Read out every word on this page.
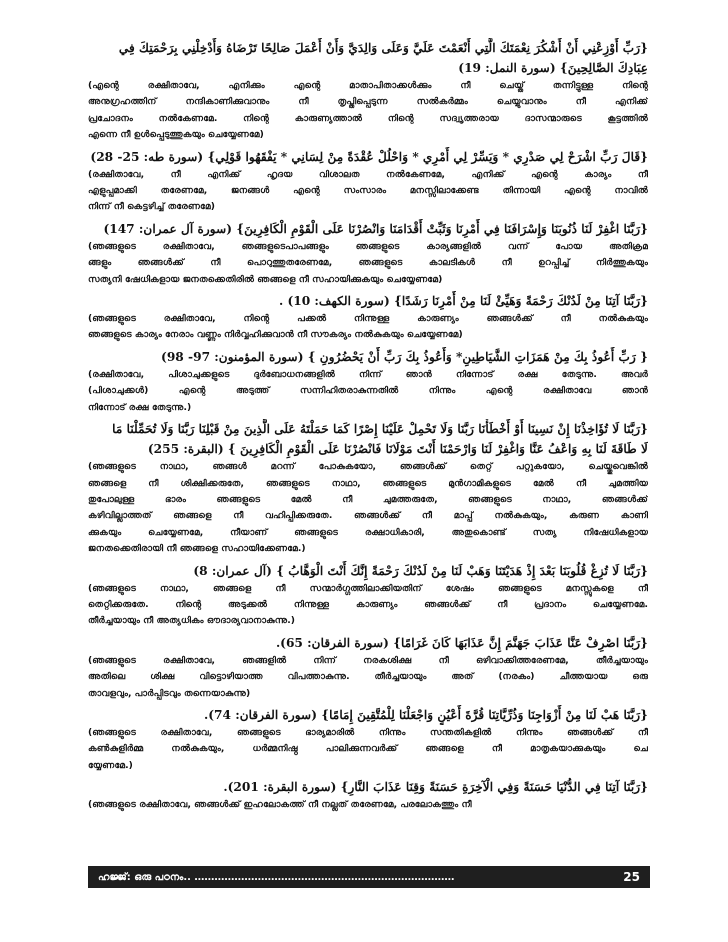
{رَبِّ أَوْزِعْنِي أَنْ أَشْكُرَ نِعْمَتَكَ الَّتِي أَنْعَمْتَ عَلَيَّ وَعَلَى وَالِدَيَّ وَأَنْ أَعْمَلَ صَالِحًا تَرْضَاهُ وَأَدْخِلْنِي بِرَحْمَتِكَ فِي
عِبَادِكَ الصَّالِحِينَ} (سورة النمل: 19)
(എന്റെ രക്ഷിതാവേ, എനിക്കും എന്റെ മാതാപിതാക്കൾക്കും നീ ചെയ്ത് തന്നിട്ടുള്ള നിന്റെ
അനുഗ്രഹത്തിന് നന്ദികാണിക്കുവാനും നീ തൃപ്തിപ്പെടുന്ന സൽകർമ്മം ചെയ്യുവാനും നീ എനിക്ക്
പ്രചോദനം നൽകേണമേ. നിന്റെ കാരുണ്യത്താൽ നിന്റെ സദ്വൃത്തരായ ദാസന്മാരുടെ കൂട്ടത്തിൽ
എന്നെ നീ ഉൾപ്പെടുത്തുകയും ചെയ്യേണമേ)
{قَالَ رَبِّ اشْرَحْ لِي صَدْرِي * وَيَسِّرْ لِي أَمْرِي * وَاحْلُلْ عُقْدَةً مِنْ لِسَانِي * يَفْقَهُوا قَوْلِي} (سورة طه: 25- 28)
(രക്ഷിതാവേ, നീ എനിക്ക് ഹൃദയ വിശാലത നൽകേണമേ, എനിക്ക് എന്റെ കാര്യം നീ
എളുപ്പമാക്കി തരേണമേ, ജനങ്ങൾ എന്റെ സംസാരം മനസ്സിലാക്കേണ്ട തിന്നായി എന്റെ നാവിൽ
നിന്ന് നീ കെട്ടഴിച്ച് തരേണമേ)
{رَبَّنَا اغْفِرْ لَنَا ذُنُوبَنَا وَإِسْرَافَنَا فِي أَمْرِنَا وَثَبِّتْ أَقْدَامَنَا وَانْصُرْنَا عَلَى الْقَوْمِ الْكَافِرِينَ} (سورة آل عمران: 147)
(ഞങ്ങളുടെ രക്ഷിതാവേ, ഞങ്ങളുടെപാപങ്ങളും ഞങ്ങളുടെ കാര്യങ്ങളിൽ വന്ന് പോയ അതിക്രമ
ങ്ങളും ഞങ്ങൾക്ക് നീ പൊറുത്തുതരേണമേ, ഞങ്ങളുടെ കാലടികൾ നീ ഉറപ്പിച്ച് നിർത്തുകയും
സത്യനി ഷേധികളായ ജനതക്കെതിരിൽ ഞങ്ങളെ നീ സഹായിക്കുകയും ചെയ്യേണമേ)
{رَبَّنَا آتِنَا مِنْ لَدُنْكَ رَحْمَةً وَهَيِّئْ لَنَا مِنْ أَمْرِنَا رَشَدًا} (سورة الكهف: 10) .
(ഞങ്ങളുടെ രക്ഷിതാവേ, നിന്റെ പക്കൽ നിന്നുള്ള കാരുണ്യം ഞങ്ങൾക്ക് നീ നൽകുകയും
ഞങ്ങളുടെ കാര്യം നേരാം വണ്ണം നിർവ്വഹിക്കുവാൻ നീ സൗകര്യം നൽകുകയും ചെയ്യേണമേ)
{ رَبِّ أَعُوذُ بِكَ مِنْ هَمَزَاتِ الشَّيَاطِينِ* وَأَعُوذُ بِكَ رَبِّ أَنْ يَحْضُرُونِ } (سورة المؤمنون: 97- 98)
(രക്ഷിതാവേ, പിശാചുക്കളുടെ ദുർബോധനങ്ങളിൽ നിന്ന് ഞാൻ നിന്നോട് രക്ഷ തേടുന്നു. അവർ
(പിശാചുക്കൾ) എന്റെ അടുത്ത് സന്നിഹിതരാകുന്നതിൽ നിന്നും എന്റെ രക്ഷിതാവേ ഞാൻ
നിന്നോട് രക്ഷ തേടുന്നു.)
{رَبَّنَا لَا تُؤَاخِذْنَا إِنْ نَسِينَا أَوْ أَخْطَأْنَا رَبَّنَا وَلَا تَحْمِلْ عَلَيْنَا إِصْرًا كَمَا حَمَلْتَهُ عَلَى الَّذِينَ مِنْ قَبْلِنَا رَبَّنَا وَلَا تُحَمِّلْنَا مَا
لَا طَاقَةَ لَنَا بِهِ وَاعْفُ عَنَّا وَاغْفِرْ لَنَا وَارْحَمْنَا أَنْتَ مَوْلَانَا فَانْصُرْنَا عَلَى الْقَوْمِ الْكَافِرِينَ } (البقرة: 255)
(ഞങ്ങളുടെ നാഥാ, ഞങ്ങൾ മറന്ന് പോകുകയോ, ഞങ്ങൾക്ക് തെറ്റ് പറ്റുകയോ, ചെയ്തുവെങ്കിൽ
ഞങ്ങളെ നീ ശിക്ഷിക്കരുതേ, ഞങ്ങളുടെ നാഥാ, ഞങ്ങളുടെ മുൻഗാമികളുടെ മേൽ നീ ചുമത്തിയ
തുപോലുള്ള ഭാരം ഞങ്ങളുടെ മേൽ നീ ചുമത്തരുതേ, ഞങ്ങളുടെ നാഥാ, ഞങ്ങൾക്ക്
കഴിവില്ലാത്തത് ഞങ്ങളെ നീ വഹിപ്പിക്കരുതേ. ഞങ്ങൾക്ക് നീ മാപ്പ് നൽകുകയും, കരുണ കാണി
ക്കുകയും ചെയ്യേണമേ, നീയാണ് ഞങ്ങളുടെ രക്ഷാധികാരി, അതുകൊണ്ട് സത്യ നിഷേധികളായ
ജനതക്കെതിരായി നീ ഞങ്ങളെ സഹായിക്കേണമേ.)
{رَبَّنَا لَا تُزِغْ قُلُوبَنَا بَعْدَ إِذْ هَدَيْتَنَا وَهَبْ لَنَا مِنْ لَدُنْكَ رَحْمَةً إِنَّكَ أَنْتَ الْوَهَّابُ } (آل عمران: 8)
(ഞങ്ങളുടെ നാഥാ, ഞങ്ങളെ നീ സന്മാർഗ്ഗത്തിലാക്കിയതിന് ശേഷം ഞങ്ങളുടെ മനസ്സുകളെ നീ
തെറ്റിക്കരുതേ. നിന്റെ അടുക്കൽ നിന്നുള്ള കാരുണ്യം ഞങ്ങൾക്ക് നീ പ്രദാനം ചെയ്യേണമേ.
തീർച്ചയായും നീ അത്യധികം ഔദാര്യവാനാകുന്നു.)
{رَبَّنَا اصْرِفْ عَنَّا عَذَابَ جَهَنَّمَ إِنَّ عَذَابَهَا كَانَ غَرَامًا} (سورة الفرقان: 65).
(ഞങ്ങളുടെ രക്ഷിതാവേ, ഞങ്ങളിൽ നിന്ന് നരകശിക്ഷ നീ ഒഴിവാക്കിത്തരേണമേ, തീർച്ചയായും
അതിലെ ശിക്ഷ വിട്ടൊഴിയാത്ത വിപത്താകുന്നു. തീർച്ചയായും അത് (നരകം) ചീത്തയായ ഒരു
താവളവും, പാർപ്പിടവും തന്നെയാകുന്നു)
{رَبَّنَا هَبْ لَنَا مِنْ أَزْوَاجِنَا وَذُرِّيَّاتِنَا قُرَّةَ أَعْيُنٍ وَاجْعَلْنَا لِلْمُتَّقِينَ إِمَامًا} (سورة الفرقان: 74).
(ഞങ്ങളുടെ രക്ഷിതാവേ, ഞങ്ങളുടെ ഭാര്യമാരിൽ നിന്നും സന്തതികളിൽ നിന്നും ഞങ്ങൾക്ക് നീ
കൺകുളിർമ്മ നൽകുകയും, ധർമ്മനിഷ്ഠ പാലിക്കുന്നവർക്ക് ഞങ്ങളെ നീ മാതൃകയാക്കുകയും ചെ
യ്യേണമേ.)
{رَبَّنَا آتِنَا فِي الدُّنْيَا حَسَنَةً وَفِي الْآخِرَةِ حَسَنَةً وَقِنَا عَذَابَ النَّارِ} (سورة البقرة: 201).
(ഞങ്ങളുടെ രക്ഷിതാവേ, ഞങ്ങൾക്ക് ഇഹലോകത്ത് നീ നല്ലത് തരേണമേ, പരലോകത്തും നീ
ഹജ്ജ്: ഒരു പഠനം.. ……………………………………………………………………	25
